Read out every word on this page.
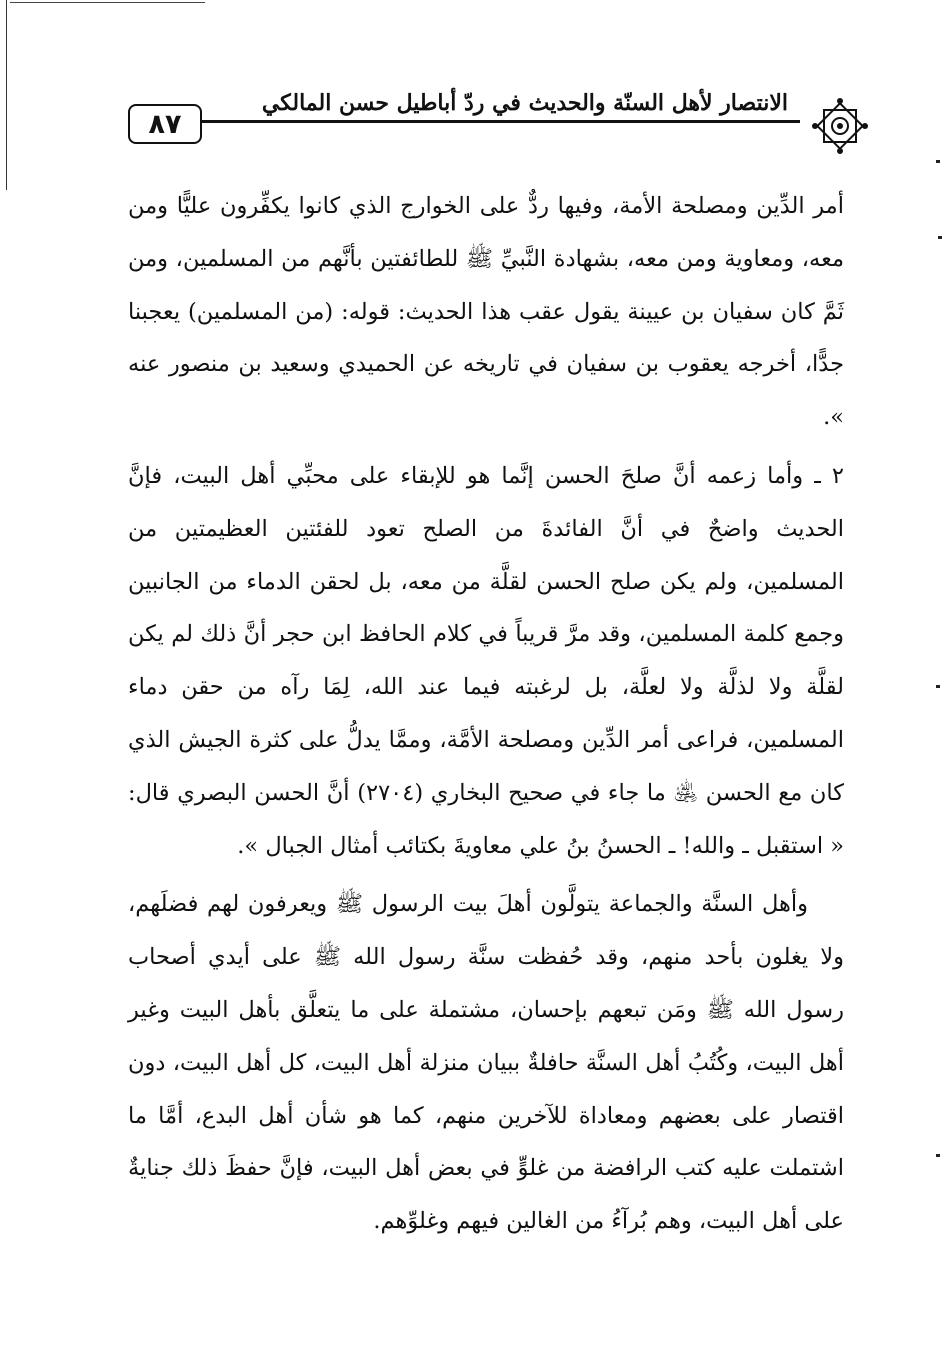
٨٧
الانتصار لأهل السنّة والحديث في ردّ أباطيل حسن المالكي

أمر الدِّين ومصلحة الأمة، وفيها ردٌّ على الخوارج الذي كانوا يكفِّرون عليًّا ومن معه، ومعاوية ومن معه، بشهادة النَّبيِّ ﷺ للطائفتين بأنَّهم من المسلمين، ومن ثَمَّ كان سفيان بن عيينة يقول عقب هذا الحديث: قوله: (من المسلمين) يعجبنا جدًّا، أخرجه يعقوب بن سفيان في تاريخه عن الحميدي وسعيد بن منصور عنه ».

٢ ـ وأما زعمه أنَّ صلحَ الحسن إنَّما هو للإبقاء على محبِّي أهل البيت، فإنَّ الحديث واضحٌ في أنَّ الفائدةَ من الصلح تعود للفئتين العظيمتين من المسلمين، ولم يكن صلح الحسن لقلَّة من معه، بل لحقن الدماء من الجانبين وجمع كلمة المسلمين، وقد مرَّ قريباً في كلام الحافظ ابن حجر أنَّ ذلك لم يكن لقلَّة ولا لذلَّة ولا لعلَّة، بل لرغبته فيما عند الله، لِمَا رآه من حقن دماء المسلمين، فراعى أمر الدِّين ومصلحة الأمَّة، وممَّا يدلُّ على كثرة الجيش الذي كان مع الحسن ﵁ ما جاء في صحيح البخاري (٢٧٠٤) أنَّ الحسن البصري قال: « استقبل ـ والله! ـ الحسنُ بنُ علي معاويةَ بكتائب أمثال الجبال ».

وأهل السنَّة والجماعة يتولَّون أهلَ بيت الرسول ﷺ ويعرفون لهم فضلَهم، ولا يغلون بأحد منهم، وقد حُفظت سنَّة رسول الله ﷺ على أيدي أصحاب رسول الله ﷺ ومَن تبعهم بإحسان، مشتملة على ما يتعلَّق بأهل البيت وغير أهل البيت، وكُتُبُ أهل السنَّة حافلةٌ ببيان منزلة أهل البيت، كل أهل البيت، دون اقتصار على بعضهم ومعاداة للآخرين منهم، كما هو شأن أهل البدع، أمَّا ما اشتملت عليه كتب الرافضة من غلوٍّ في بعض أهل البيت، فإنَّ حفظَ ذلك جنايةٌ على أهل البيت، وهم بُرآءُ من الغالين فيهم وغلوِّهم.
